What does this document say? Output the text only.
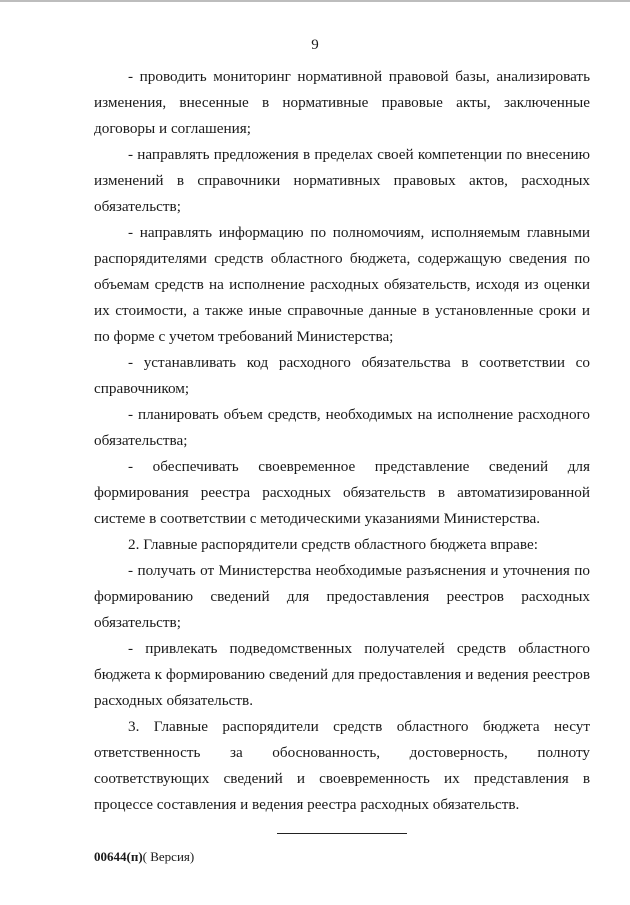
9

- проводить мониторинг нормативной правовой базы, анализировать изменения, внесенные в нормативные правовые акты, заключенные договоры и соглашения;

- направлять предложения в пределах своей компетенции по внесению изменений в справочники нормативных правовых актов, расходных обязательств;

- направлять информацию по полномочиям, исполняемым главными распорядителями средств областного бюджета, содержащую сведения по объемам средств на исполнение расходных обязательств, исходя из оценки их стоимости, а также иные справочные данные в установленные сроки и по форме с учетом требований Министерства;

- устанавливать код расходного обязательства в соответствии со справочником;

- планировать объем средств, необходимых на исполнение расходного обязательства;

- обеспечивать своевременное представление сведений для формирования реестра расходных обязательств в автоматизированной системе в соответствии с методическими указаниями Министерства.

2. Главные распорядители средств областного бюджета вправе:

- получать от Министерства необходимые разъяснения и уточнения по формированию сведений для предоставления реестров расходных обязательств;

- привлекать подведомственных получателей средств областного бюджета к формированию сведений для предоставления и ведения реестров расходных обязательств.

3. Главные распорядители средств областного бюджета несут ответственность за обоснованность, достоверность, полноту соответствующих сведений и своевременность их представления в процессе составления и ведения реестра расходных обязательств.

00644(п)( Версия)
